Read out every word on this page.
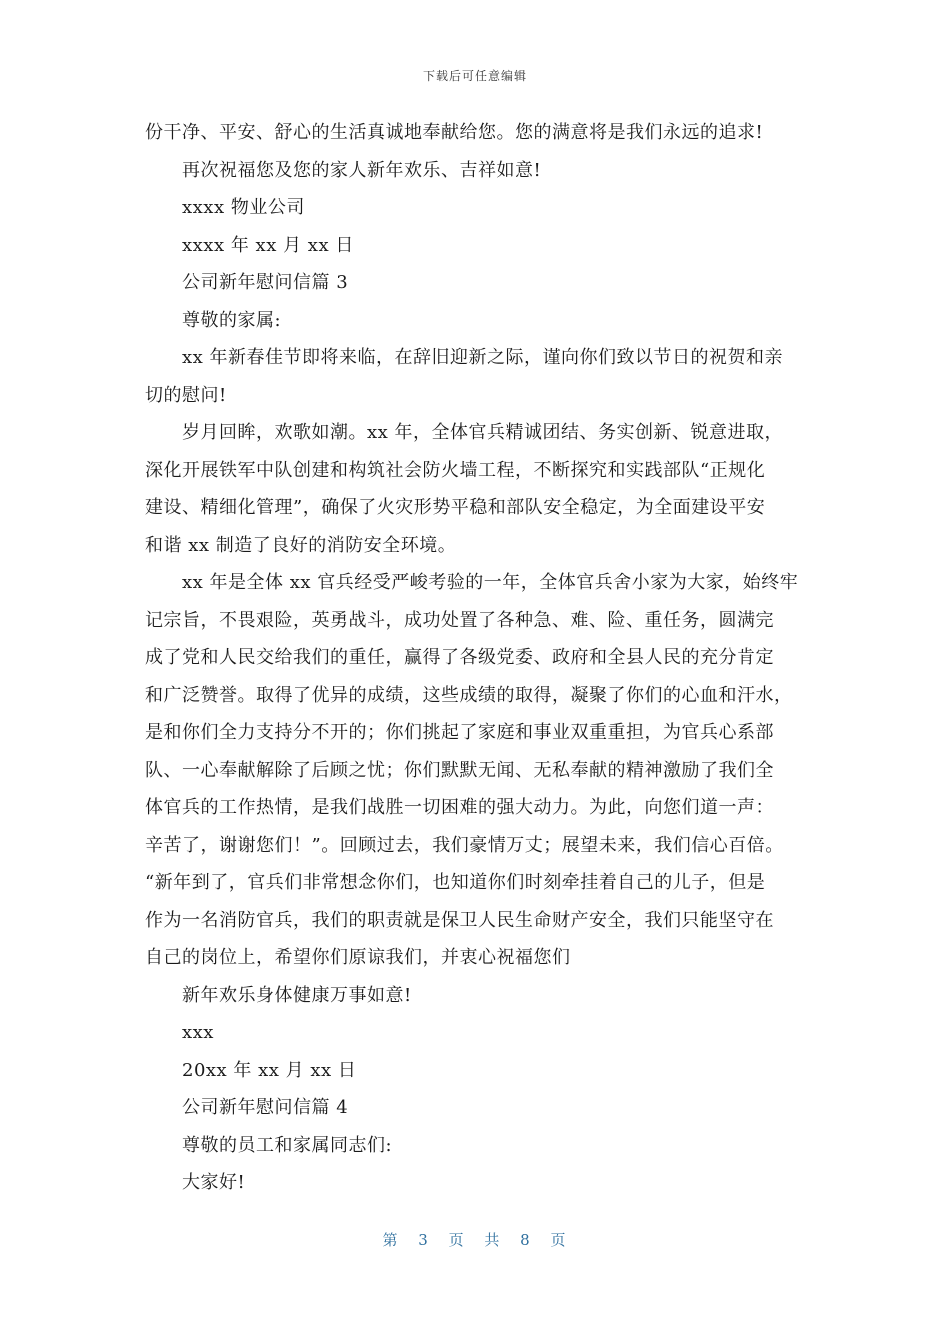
下载后可任意编辑
份干净、平安、舒心的生活真诚地奉献给您。您的满意将是我们永远的追求!
再次祝福您及您的家人新年欢乐、吉祥如意!
xxxx 物业公司
xxxx 年 xx 月 xx 日
公司新年慰问信篇 3
尊敬的家属:
xx 年新春佳节即将来临，在辞旧迎新之际，谨向你们致以节日的祝贺和亲
切的慰问!
岁月回眸，欢歌如潮。xx 年，全体官兵精诚团结、务实创新、锐意进取，
深化开展铁军中队创建和构筑社会防火墙工程，不断探究和实践部队“正规化
建设、精细化管理”，确保了火灾形势平稳和部队安全稳定，为全面建设平安
和谐 xx 制造了良好的消防安全环境。
xx 年是全体 xx 官兵经受严峻考验的一年，全体官兵舍小家为大家，始终牢
记宗旨，不畏艰险，英勇战斗，成功处置了各种急、难、险、重任务，圆满完
成了党和人民交给我们的重任，赢得了各级党委、政府和全县人民的充分肯定
和广泛赞誉。取得了优异的成绩，这些成绩的取得，凝聚了你们的心血和汗水，
是和你们全力支持分不开的；你们挑起了家庭和事业双重重担，为官兵心系部
队、一心奉献解除了后顾之忧；你们默默无闻、无私奉献的精神激励了我们全
体官兵的工作热情，是我们战胜一切困难的强大动力。为此，向您们道一声：
辛苦了，谢谢您们！”。回顾过去，我们豪情万丈；展望未来，我们信心百倍。
“新年到了，官兵们非常想念你们，也知道你们时刻牵挂着自己的儿子，但是
作为一名消防官兵，我们的职责就是保卫人民生命财产安全，我们只能坚守在
自己的岗位上，希望你们原谅我们，并衷心祝福您们
新年欢乐身体健康万事如意!
xxx
20xx 年 xx 月 xx 日
公司新年慰问信篇 4
尊敬的员工和家属同志们:
大家好!
第 3 页 共 8 页
